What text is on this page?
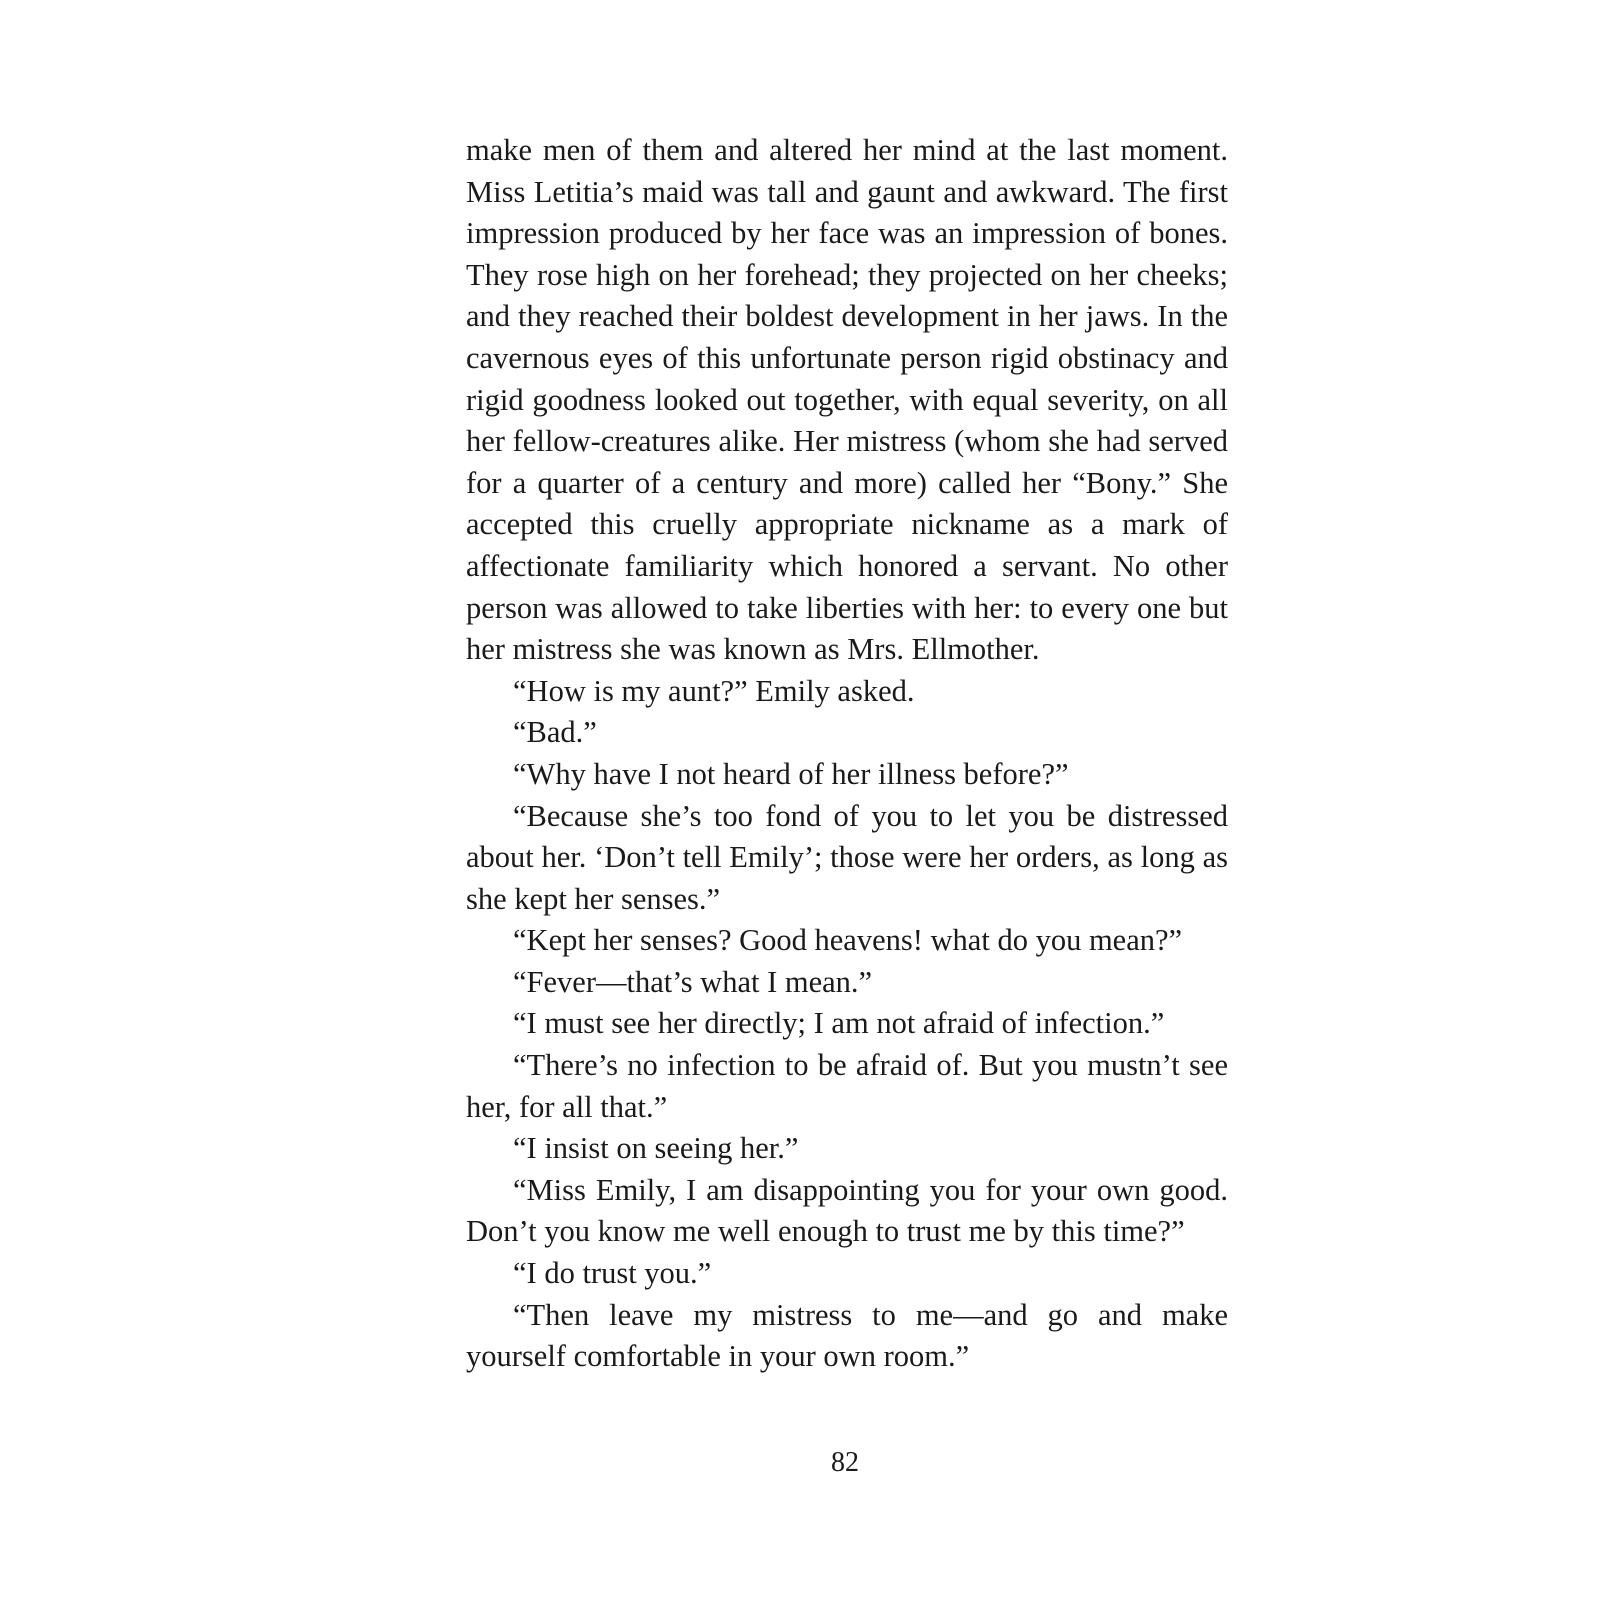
make men of them and altered her mind at the last moment. Miss Letitia’s maid was tall and gaunt and awkward. The first impression produced by her face was an impression of bones. They rose high on her forehead; they projected on her cheeks; and they reached their boldest development in her jaws. In the cavernous eyes of this unfortunate person rigid obstinacy and rigid goodness looked out together, with equal severity, on all her fellow-creatures alike. Her mistress (whom she had served for a quarter of a century and more) called her “Bony.” She accepted this cruelly appropriate nickname as a mark of affectionate familiarity which honored a servant. No other person was allowed to take liberties with her: to every one but her mistress she was known as Mrs. Ellmother.

“How is my aunt?” Emily asked.

“Bad.”

“Why have I not heard of her illness before?”

“Because she’s too fond of you to let you be distressed about her. ‘Don’t tell Emily’; those were her orders, as long as she kept her senses.”

“Kept her senses? Good heavens! what do you mean?”

“Fever—that’s what I mean.”

“I must see her directly; I am not afraid of infection.”

“There’s no infection to be afraid of. But you mustn’t see her, for all that.”

“I insist on seeing her.”

“Miss Emily, I am disappointing you for your own good. Don’t you know me well enough to trust me by this time?”

“I do trust you.”

“Then leave my mistress to me—and go and make yourself comfortable in your own room.”

82
